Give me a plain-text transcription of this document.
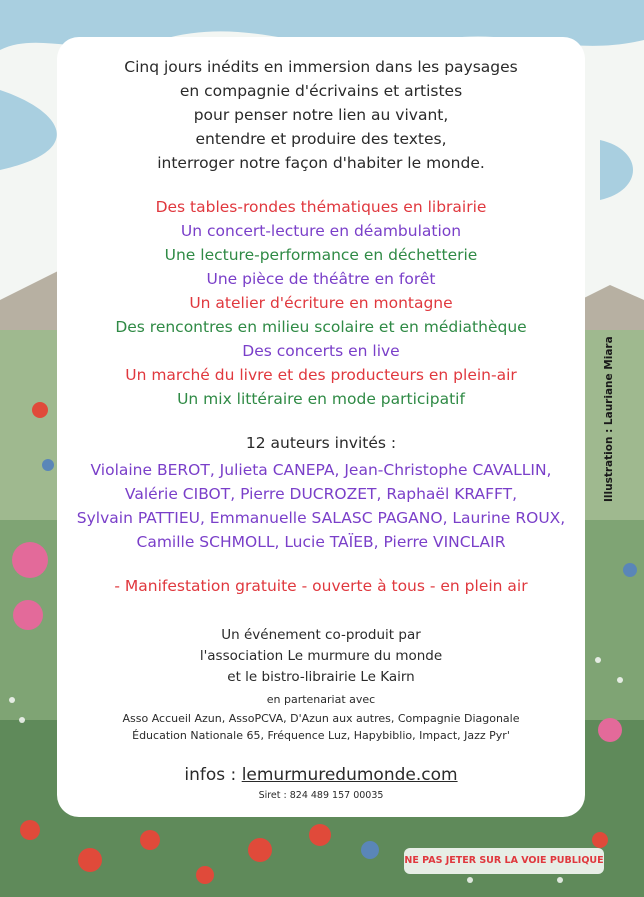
Cinq jours inédits en immersion dans les paysages
en compagnie d'écrivains et artistes
pour penser notre lien au vivant,
entendre et produire des textes,
interroger notre façon d'habiter le monde.
Des tables-rondes thématiques en librairie
Un concert-lecture en déambulation
Une lecture-performance en déchetterie
Une pièce de théâtre en forêt
Un atelier d'écriture en montagne
Des rencontres en milieu scolaire et en médiathèque
Des concerts en live
Un marché du livre et des producteurs en plein-air
Un mix littéraire en mode participatif
12 auteurs invités :
Violaine BEROT, Julieta CANEPA, Jean-Christophe CAVALLIN,
Valérie CIBOT, Pierre DUCROZET, Raphaël KRAFFT,
Sylvain PATTIEU, Emmanuelle SALASC PAGANO, Laurine ROUX,
Camille SCHMOLL, Lucie TAÏEB, Pierre VINCLAIR
- Manifestation gratuite - ouverte à tous - en plein air
Un événement co-produit par
l'association Le murmure du monde
et le bistro-librairie Le Kairn
en partenariat avec
Asso Accueil Azun, AssoPCVA, D'Azun aux autres, Compagnie Diagonale
Éducation Nationale 65, Fréquence Luz, Hapybiblio, Impact, Jazz Pyr'
infos : lemurmuredumonde.com
Siret : 824 489 157 00035
Illustration : Lauriane Miara
NE PAS JETER SUR LA VOIE PUBLIQUE
